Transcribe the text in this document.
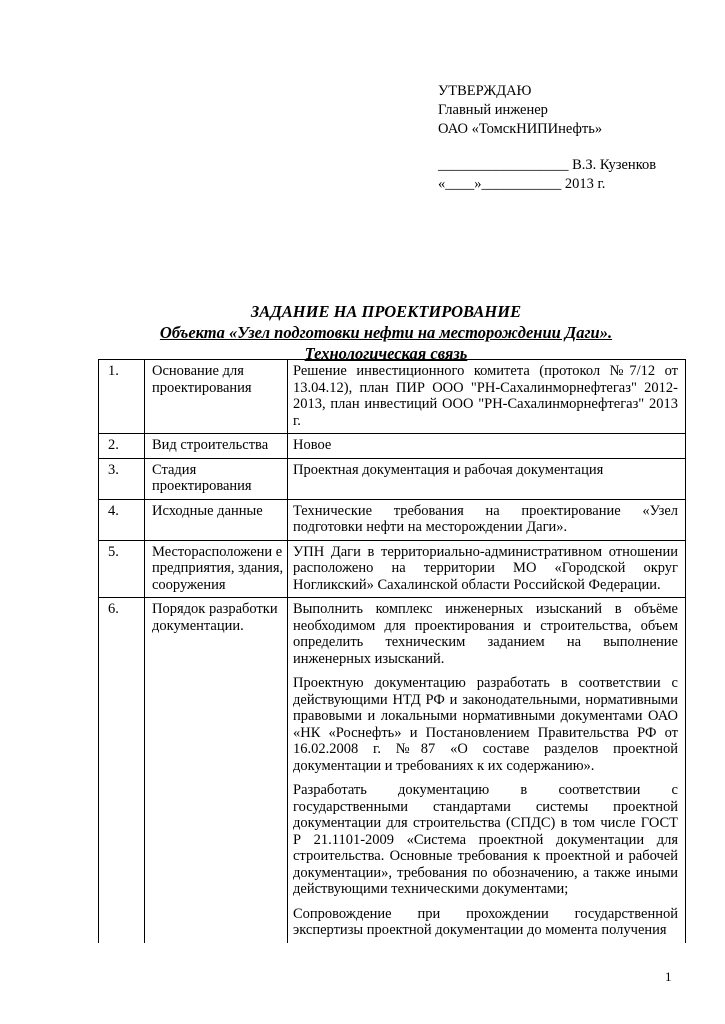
УТВЕРЖДАЮ
Главный инженер
ОАО «ТомскНИПИнефть»
__________________ В.З. Кузенков
«____»___________ 2013 г.
ЗАДАНИЕ НА ПРОЕКТИРОВАНИЕ
Объекта «Узел подготовки нефти на месторождении Даги».
Технологическая связь
1.	Основание для проектирования	Решение инвестиционного комитета (протокол №7/12 от 13.04.12), план ПИР ООО "РН-Сахалинморнефтегаз" 2012-2013, план инвестиций ООО "РН-Сахалинморнефтегаз" 2013 г.

2.	Вид строительства	Новое

3.	Стадия проектирования	Проектная документация и рабочая документация

4.	Исходные данные	Технические требования на проектирование «Узел подготовки нефти на месторождении Даги».

5.	Месторасположени е предприятия, здания, сооружения	УПН Даги в территориально-административном отношении расположено на территории МО «Городской округ Ногликский» Сахалинской области Российской Федерации.

6.	Порядок разработки документации.	Выполнить комплекс инженерных изысканий в объёме необходимом для проектирования и строительства, объем определить техническим заданием на выполнение инженерных изысканий.
Проектную документацию разработать в соответствии с действующими НТД РФ и законодательными, нормативными правовыми и локальными нормативными документами ОАО «НК «Роснефть» и Постановлением Правительства РФ от 16.02.2008 г. №87 «О составе разделов проектной документации и требованиях к их содержанию».
Разработать документацию в соответствии с государственными стандартами системы проектной документации для строительства (СПДС) в том числе ГОСТ Р 21.1101-2009 «Система проектной документации для строительства. Основные требования к проектной и рабочей документации», требования по обозначению, а также иными действующими техническими документами;
Сопровождение при прохождении государственной экспертизы проектной документации до момента получения
1
